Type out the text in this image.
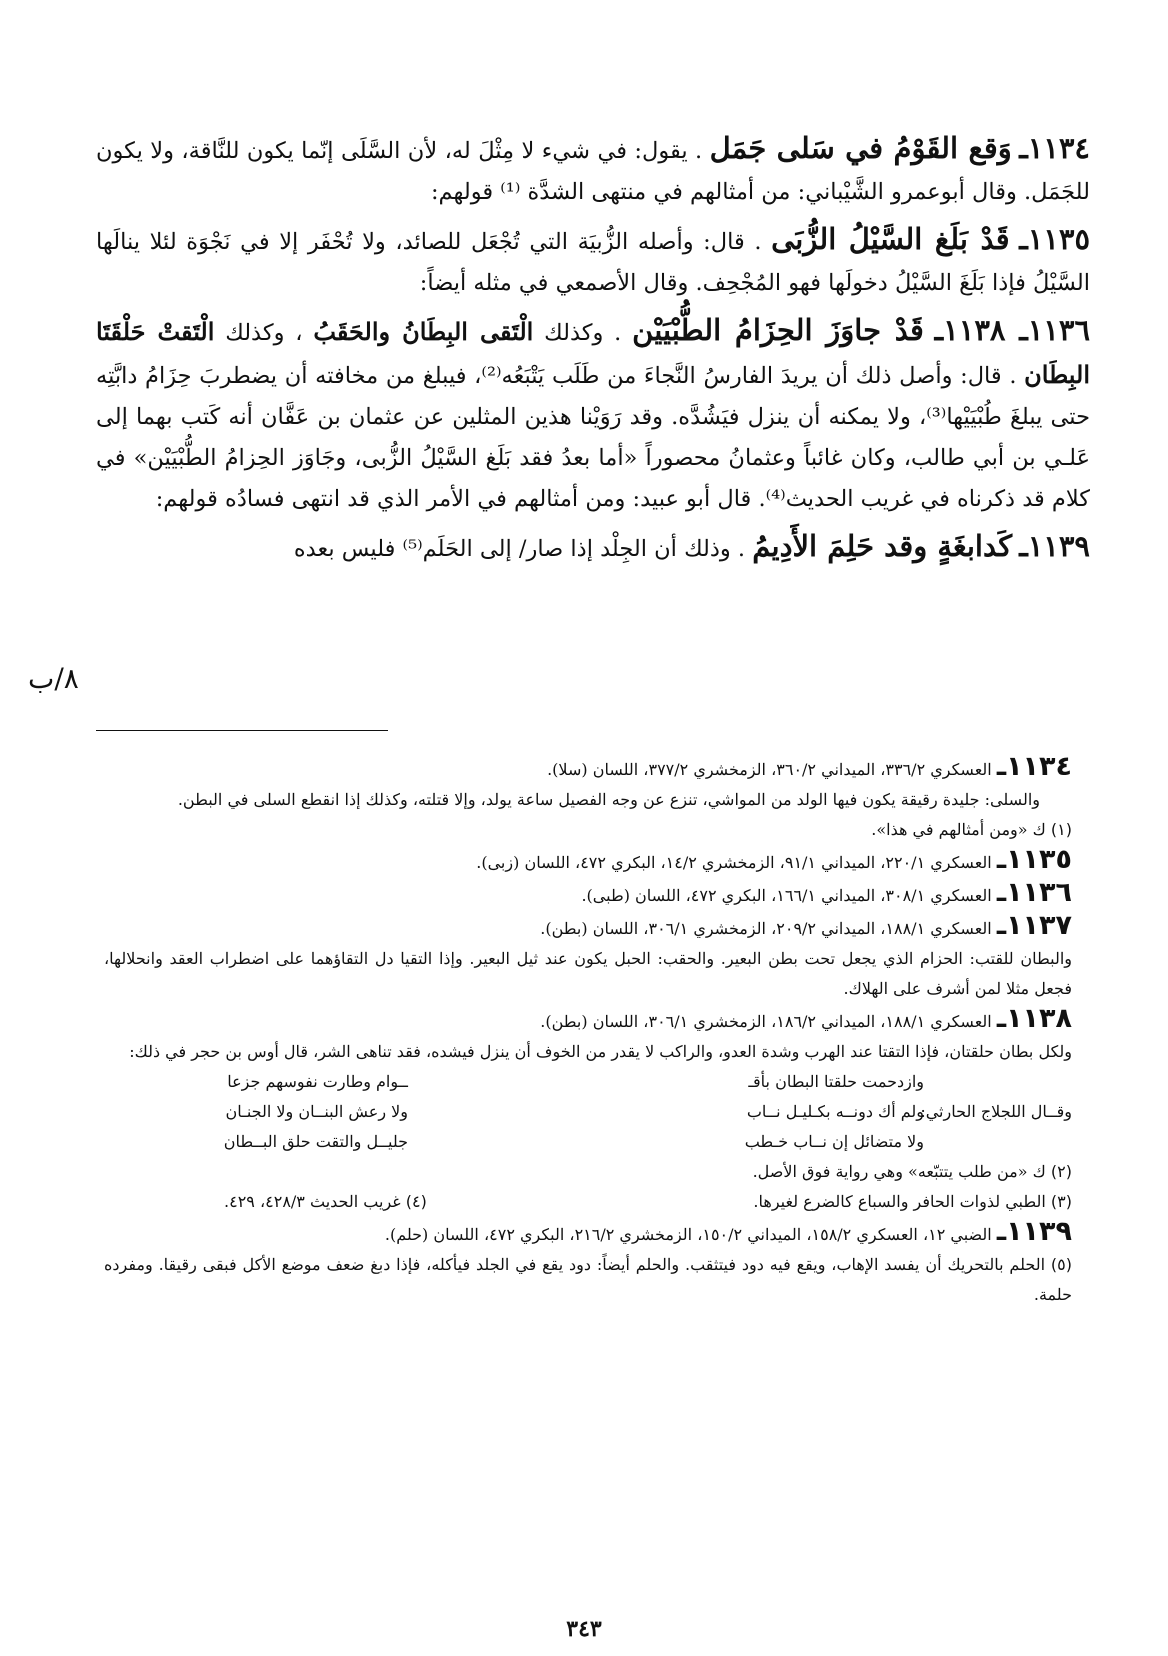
١١٣٤ـ وَقع القَوْمُ في سَلى جَمَل . يقول: في شيء لا مِثْلَ له، لأن السَّلَى إنّما يكون للنَّاقة، ولا يكون للجَمَل. وقال أبوعمرو الشَّيْباني: من أمثالهم في منتهى الشدَّة ⁽¹⁾ قولهم:

١١٣٥ـ قَدْ بَلَغ السَّيْلُ الزُّبَى . قال: وأصله الزُّبيَة التي تُجْعَل للصائد، ولا تُحْفَر إلا في نَجْوَة لئلا ينالَها السَّيْلُ فإذا بَلَغَ السَّيْلُ دخولَها فهو المُجْحِف. وقال الأصمعي في مثله أيضاً:

١١٣٦ـ ١١٣٨ـ قَدْ جاوَزَ الحِزَامُ الطُّبْيَيْن . وكذلك الْتَقى البِطَانُ والحَقَبُ ، وكذلك الْتَقتْ حَلْقَتَا البِطَان . قال: وأصل ذلك أن يريدَ الفارسُ النَّجاءَ من طَلَب يَتْبَعُه⁽²⁾، فيبلغ من مخافته أن يضطربَ حِزَامُ دابَّتِه حتى يبلغَ طُبْيَيْها⁽³⁾، ولا يمكنه أن ينزل فيَشُدَّه. وقد رَوَيْنا هذين المثلين عن عثمان بن عَفَّان أنه كَتب بهما إلى عَلـي بن أبي طالب، وكان غائباً وعثمانُ محصوراً «أما بعدُ فقد بَلَغ السَّيْلُ الزُّبى، وجَاوَز الحِزامُ الطُّبْيَيْن» في كلام قد ذكرناه في غريب الحديث⁽⁴⁾. قال أبو عبيد: ومن أمثالهم في الأمر الذي قد انتهى فسادُه قولهم:

١١٣٩ـ كَدابغَةٍ وقد حَلِمَ الأَدِيمُ . وذلك أن الجِلْد إذا صار/ إلى الحَلَم⁽⁵⁾ فليس بعده

٨/ب

١١٣٤ـ العسكري ٣٣٦/٢، الميداني ٣٦٠/٢، الزمخشري ٣٧٧/٢، اللسان (سلا).

والسلى: جليدة رقيقة يكون فيها الولد من المواشي، تنزع عن وجه الفصيل ساعة يولد، وإلا قتلته، وكذلك إذا انقطع السلى في البطن.

(١) ك «ومن أمثالهم في هذا».

١١٣٥ـ العسكري ٢٢٠/١، الميداني ٩١/١، الزمخشري ١٤/٢، البكري ٤٧٢، اللسان (زبى).

١١٣٦ـ العسكري ٣٠٨/١، الميداني ١٦٦/١، البكري ٤٧٢، اللسان (طبى).

١١٣٧ـ العسكري ١٨٨/١، الميداني ٢٠٩/٢، الزمخشري ٣٠٦/١، اللسان (بطن).

والبطان للقتب: الحزام الذي يجعل تحت بطن البعير. والحقب: الحبل يكون عند ثيل البعير. وإذا التقيا دل التقاؤهما على اضطراب العقد وانحلالها، فجعل مثلا لمن أشرف على الهلاك.

١١٣٨ـ العسكري ١٨٨/١، الميداني ١٨٦/٢، الزمخشري ٣٠٦/١، اللسان (بطن).

ولكل بطان حلقتان، فإذا التقتا عند الهرب وشدة العدو، والراكب لا يقدر من الخوف أن ينزل فيشده، فقد تناهى الشر، قال أوس بن حجر في ذلك:

وازدحمت حلقتا البطان بأقـ
ــوام وطارت نفوسهم جزعا
وقــال اللجلاج الحارثي:
ولم أك دونــه بكـليـل نــاب
ولا رعش البنــان ولا الجنـان
ولا متضائل إن نــاب خـطب
جليــل والتقت حلق البــطان

(٢) ك «من طلب يتتبّعه» وهي رواية فوق الأصل.

(٣) الطبي لذوات الحافر والسباع كالضرع لغيرها.
(٤) غريب الحديث ٤٢٨/٣، ٤٢٩.

١١٣٩ـ الضبي ١٢، العسكري ١٥٨/٢، الميداني ١٥٠/٢، الزمخشري ٢١٦/٢، البكري ٤٧٢، اللسان (حلم).

(٥) الحلم بالتحريك أن يفسد الإهاب، ويقع فيه دود فيتثقب. والحلم أيضاً: دود يقع في الجلد فيأكله، فإذا دبغ ضعف موضع الأكل فبقى رقيقا. ومفرده حلمة.

٣٤٣
